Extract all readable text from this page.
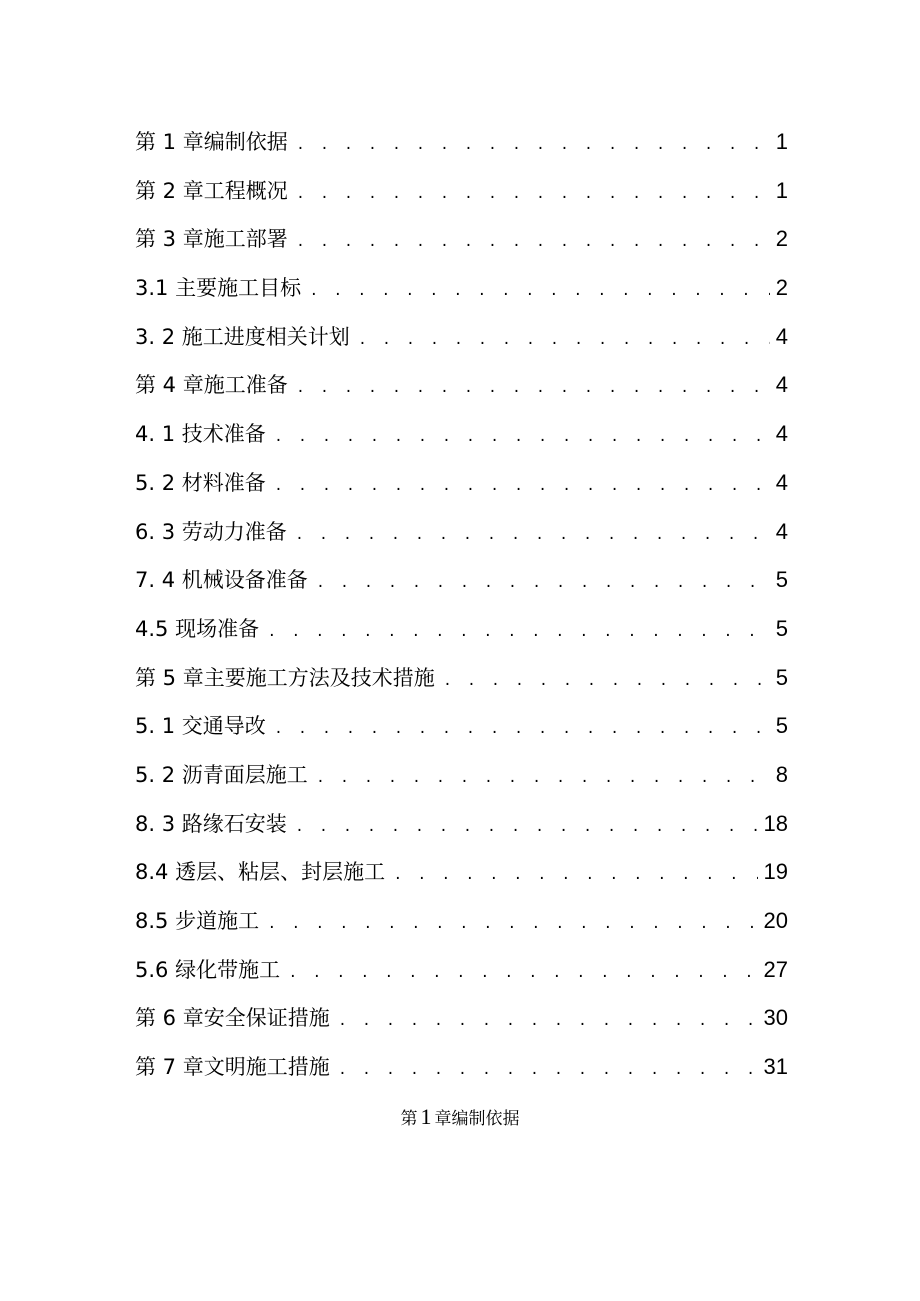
第 1 章编制依据 . . .	1
第 2 章工程概况 . . .	1
第 3 章施工部署 . . .	2
3.1 主要施工目标 . . .	2
3. 2 施工进度相关计划 . . .	4
第 4 章施工准备 . . .	4
4. 1 技术准备 . . .	4
5. 2 材料准备 . . .	4
6. 3 劳动力准备 . . .	4
7. 4 机械设备准备 . . .	5
4.5 现场准备 . . .	5
第 5 章主要施工方法及技术措施 . . .	5
5. 1 交通导改 . . .	5
5. 2 沥青面层施工 . . .	8
8. 3 路缘石安装 . . .	18
8.4 透层、粘层、封层施工 . . .	19
8.5 步道施工 . . .	20
5.6 绿化带施工 . . .	27
第 6 章安全保证措施 . . .	30
第 7 章文明施工措施 . . .	31
第 1 章编制依据
